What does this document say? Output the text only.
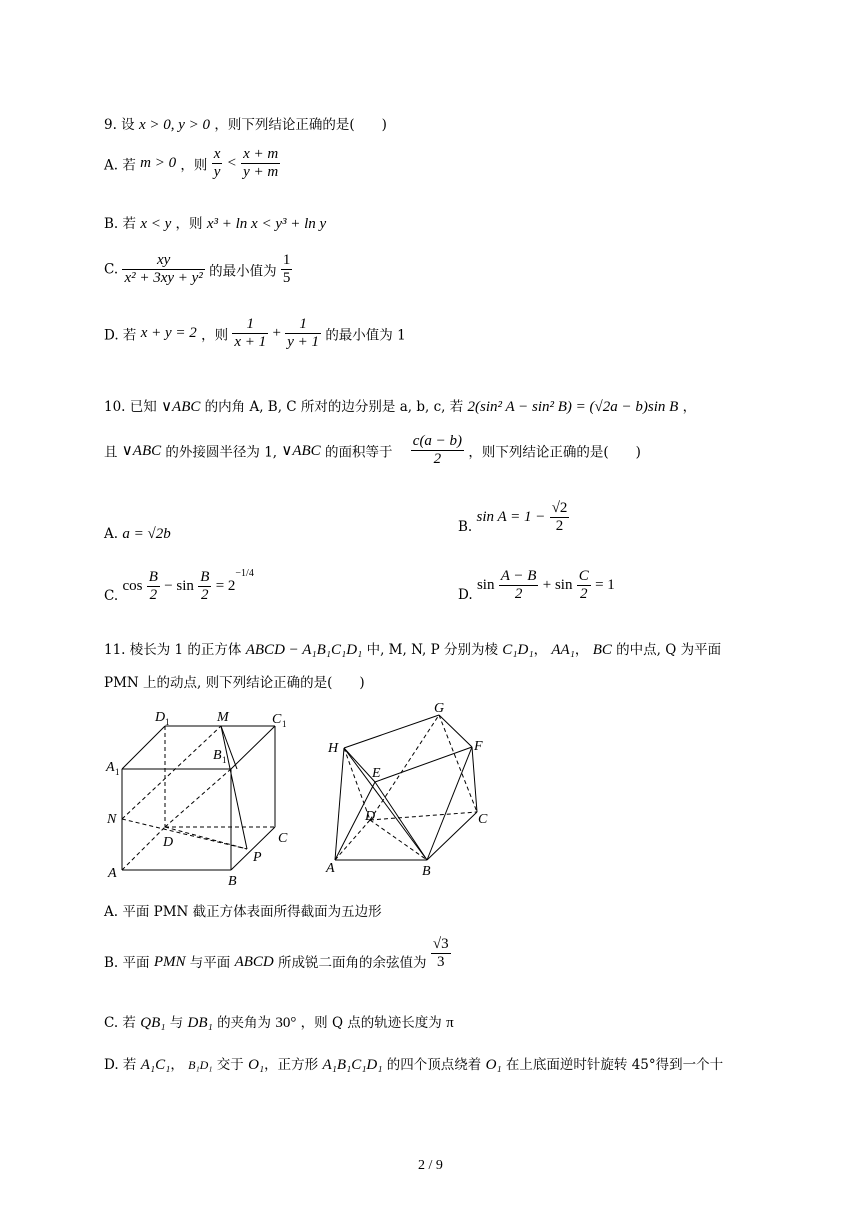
9. 设 x > 0, y > 0 ，则下列结论正确的是(　　)
A. 若 m > 0 ，则 $\frac{x}{y} < \frac{x + m}{y + m}$
B. 若 x < y ，则 x³ + ln x < y³ + ln y
C. $\frac{xy}{\text{x² + 3xy + y²}}$ 的最小值为 $\frac{1}{5}$
D. 若 x + y = 2 ，则 $\frac{1}{x + 1} + \frac{1}{y + 1}$ 的最小值为 1
10. 已知 ∨ABC 的内角 A, B, C 所对的边分别是 a, b, c, 若 2(sin² A − sin² B) = (√2a − b)sin B ，
且 ∨ABC 的外接圆半径为 1, ∨ABC 的面积等于 $\frac{c(a - b)}{2}$ ，则下列结论正确的是(　　)
A. a = √2b	B. $\sin A = 1 - \frac{√2}{2}$
C. $\cos \frac{B}{2} - \sin \frac{B}{2} = 2^{-1/4}$
D. $\sin \frac{A - B}{2} + \sin \frac{C}{2} = 1$
11. 棱长为 1 的正方体 ABCD − A₁B₁C₁D₁ 中, M, N, P 分别为棱 C₁D₁， AA₁， BC 的中点, Q 为平面
PMN 上的动点, 则下列结论正确的是(　　)
D 1	M	C 1
A 1
B 1
N
D	C
P
A
B
G
H	F
E
D	C
A	B
A. 平面 PMN 截正方体表面所得截面为五边形
B. 平面 PMN 与平面 ABCD 所成锐二面角的余弦值为 $\frac{√3}{3}$
C. 若 QB₁ 与 DB₁ 的夹角为 30° ，则 Q 点的轨迹长度为 π
D. 若 A₁C₁， B₁D₁ 交于 O₁，正方形 A₁B₁C₁D₁ 的四个顶点绕着 O₁ 在上底面逆时针旋转 45°得到一个十
2 / 9
